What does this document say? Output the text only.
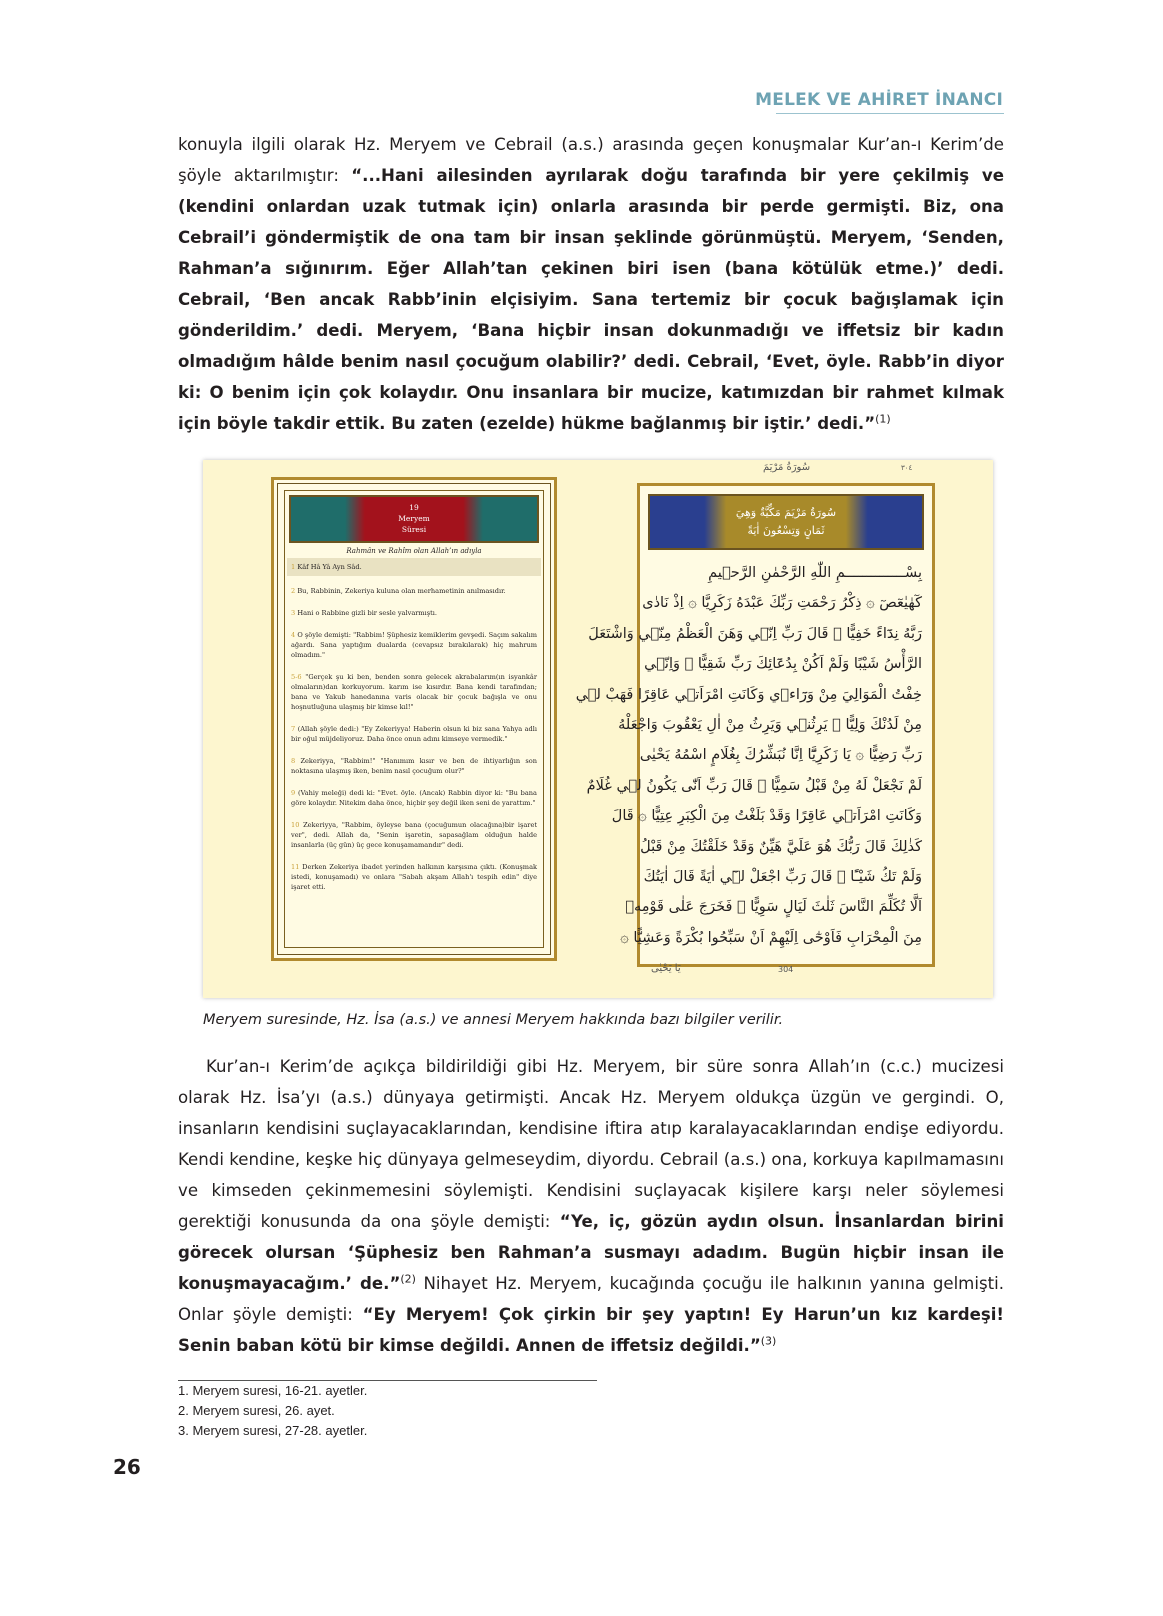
MELEK VE AHİRET İNANCI
konuyla ilgili olarak Hz. Meryem ve Cebrail (a.s.) arasında geçen konuşmalar Kur’an-ı Kerim’de şöyle aktarılmıştır: “...Hani ailesinden ayrılarak doğu tarafında bir yere çekilmiş ve (kendini onlardan uzak tutmak için) onlarla arasında bir perde germişti. Biz, ona Cebrail’i göndermiştik de ona tam bir insan şeklinde görünmüştü. Meryem, ‘Senden, Rahman’a sığınırım. Eğer Allah’tan çekinen biri isen (bana kötülük etme.)’ dedi. Cebrail, ‘Ben ancak Rabb’inin elçisiyim. Sana tertemiz bir çocuk bağışlamak için gönderildim.’ dedi. Meryem, ‘Bana hiçbir insan dokunmadığı ve iffetsiz bir kadın olmadığım hâlde benim nasıl çocuğum olabilir?’ dedi. Cebrail, ‘Evet, öyle. Rabb’in diyor ki: O benim için çok kolaydır. Onu insanlara bir mucize, katımızdan bir rahmet kılmak için böyle takdir ettik. Bu zaten (ezelde) hükme bağlanmış bir iştir.’ dedi.”$^{(1)}$
19
Meryem
Süresi
Rahmân ve Rahîm olan Allah’ın adıyla
1 Kâf Hâ Yâ Ayn Sâd.
2 Bu, Rabbinin, Zekeriya kuluna olan merhametinin anılmasıdır.
3 Hani o Rabbine gizli bir sesle yalvarmıştı.
4 O şöyle demişti: "Rabbim! Şüphesiz kemiklerim gevşedi. Saçım sakalım ağardı. Sana yaptığım dualarda (cevapsız bırakılarak) hiç mahrum olmadım."
5-6 "Gerçek şu ki ben, benden sonra gelecek akrabalarım(ın isyankâr olmaların)dan korkuyorum. karım ise kısırdır. Bana kendi tarafından; bana ve Yakub hanedanına varis olacak bir çocuk bağışla ve onu hoşnutluğuna ulaşmış bir kimse kıl!"
7 (Allah şöyle dedi:) "Ey Zekeriyya! Haberin olsun ki biz sana Yahya adlı bir oğul müjdeliyoruz. Daha önce onun adını kimseye vermedik."
8 Zekeriyya, "Rabbim!" "Hanımım kısır ve ben de ihtiyarlığın son noktasına ulaşmış iken, benim nasıl çocuğum olur?"
9 (Vahiy meleği) dedi ki: "Evet. öyle. (Ancak) Rabbin diyor ki: "Bu bana göre kolaydır. Nitekim daha önce, hiçbir şey değil iken seni de yarattım."
10 Zekeriyya, "Rabbim, öyleyse bana (çocuğumun olacağına)bir işaret ver", dedi. Allah da, "Senin işaretin, sapasağlam olduğun halde insanlarla (üç gün) üç gece konuşamamandır" dedi.
11 Derken Zekeriya ibadet yerinden halkının karşısına çıktı. (Konuşmak istedi, konuşamadı) ve onlara "Sabah akşam Allah'ı tespih edin" diye işaret etti.
سُورَةُ مَرْيَمَ	٣٠٤
سُورَةُ مَرْيَمَ مَكِّيَّةٌ وَهِيَ
ثَمَانٍ وَتِسْعُونَ اٰيَةً
بِسْــــــــــــــمِ اللّٰهِ الرَّحْمٰنِ الرَّح۪يمِ
كٓهٰيٰعٓصٓ ۞ ذِكْرُ رَحْمَتِ رَبِّكَ عَبْدَهُ زَكَرِيَّا ۞ اِذْ نَادٰى
رَبَّهُ نِدَٓاءً خَفِيًّا ۞ قَالَ رَبِّ اِنّ۪ي وَهَنَ الْعَظْمُ مِنّ۪ي وَاشْتَعَلَ
الرَّأْسُ شَيْبًا وَلَمْ اَكُنْ بِدُعَٓائِكَ رَبِّ شَقِيًّا ۞ وَاِنّ۪ي
خِفْتُ الْمَوَالِيَ مِنْ وَرَٓاء۪ي وَكَانَتِ امْرَاَت۪ي عَاقِرًا فَهَبْ ل۪ي
مِنْ لَدُنْكَ وَلِيًّا ۞ يَرِثُن۪ي وَيَرِثُ مِنْ اٰلِ يَعْقُوبَ وَاجْعَلْهُ
رَبِّ رَضِيًّا ۞ يَا زَكَرِيَّٓا اِنَّا نُبَشِّرُكَ بِغُلَامٍ اسْمُهُ يَحْيٰى
لَمْ نَجْعَلْ لَهُ مِنْ قَبْلُ سَمِيًّا ۞ قَالَ رَبِّ اَنّٰى يَكُونُ ل۪ي غُلَامٌ
وَكَانَتِ امْرَاَت۪ي عَاقِرًا وَقَدْ بَلَغْتُ مِنَ الْكِبَرِ عِتِيًّا ۞ قَالَ
كَذٰلِكَ قَالَ رَبُّكَ هُوَ عَلَيَّ هَيِّنٌ وَقَدْ خَلَقْتُكَ مِنْ قَبْلُ
وَلَمْ تَكُ شَيْـًٔا ۞ قَالَ رَبِّ اجْعَلْ ل۪ٓي اٰيَةً قَالَ اٰيَتُكَ
اَلَّا تُكَلِّمَ النَّاسَ ثَلٰثَ لَيَالٍ سَوِيًّا ۞ فَخَرَجَ عَلٰى قَوْمِه۪
مِنَ الْمِحْرَابِ فَاَوْحٰٓى اِلَيْهِمْ اَنْ سَبِّحُوا بُكْرَةً وَعَشِيًّا ۞
يَا يَحْيٰى	304
Meryem suresinde, Hz. İsa (a.s.) ve annesi Meryem hakkında bazı bilgiler verilir.
Kur’an-ı Kerim’de açıkça bildirildiği gibi Hz. Meryem, bir süre sonra Allah’ın (c.c.) mucizesi olarak Hz. İsa’yı (a.s.) dünyaya getirmişti. Ancak Hz. Meryem oldukça üzgün ve gergindi. O, insanların kendisini suçlayacaklarından, kendisine iftira atıp karalayacaklarından endişe ediyordu. Kendi kendine, keşke hiç dünyaya gelmeseydim, diyordu. Cebrail (a.s.) ona, korkuya kapılmamasını ve kimseden çekinmemesini söylemişti. Kendisini suçlayacak kişilere karşı neler söylemesi gerektiği konusunda da ona şöyle demişti: “Ye, iç, gözün aydın olsun. İnsanlardan birini görecek olursan ‘Şüphesiz ben Rahman’a susmayı adadım. Bugün hiçbir insan ile konuşmayacağım.’ de.”$^{(2)}$ Nihayet Hz. Meryem, kucağında çocuğu ile halkının yanına gelmişti. Onlar şöyle demişti: “Ey Meryem! Çok çirkin bir şey yaptın! Ey Harun’un kız kardeşi! Senin baban kötü bir kimse değildi. Annen de iffetsiz değildi.”$^{(3)}$
1. Meryem suresi, 16-21. ayetler.
2. Meryem suresi, 26. ayet.
3. Meryem suresi, 27-28. ayetler.
26
